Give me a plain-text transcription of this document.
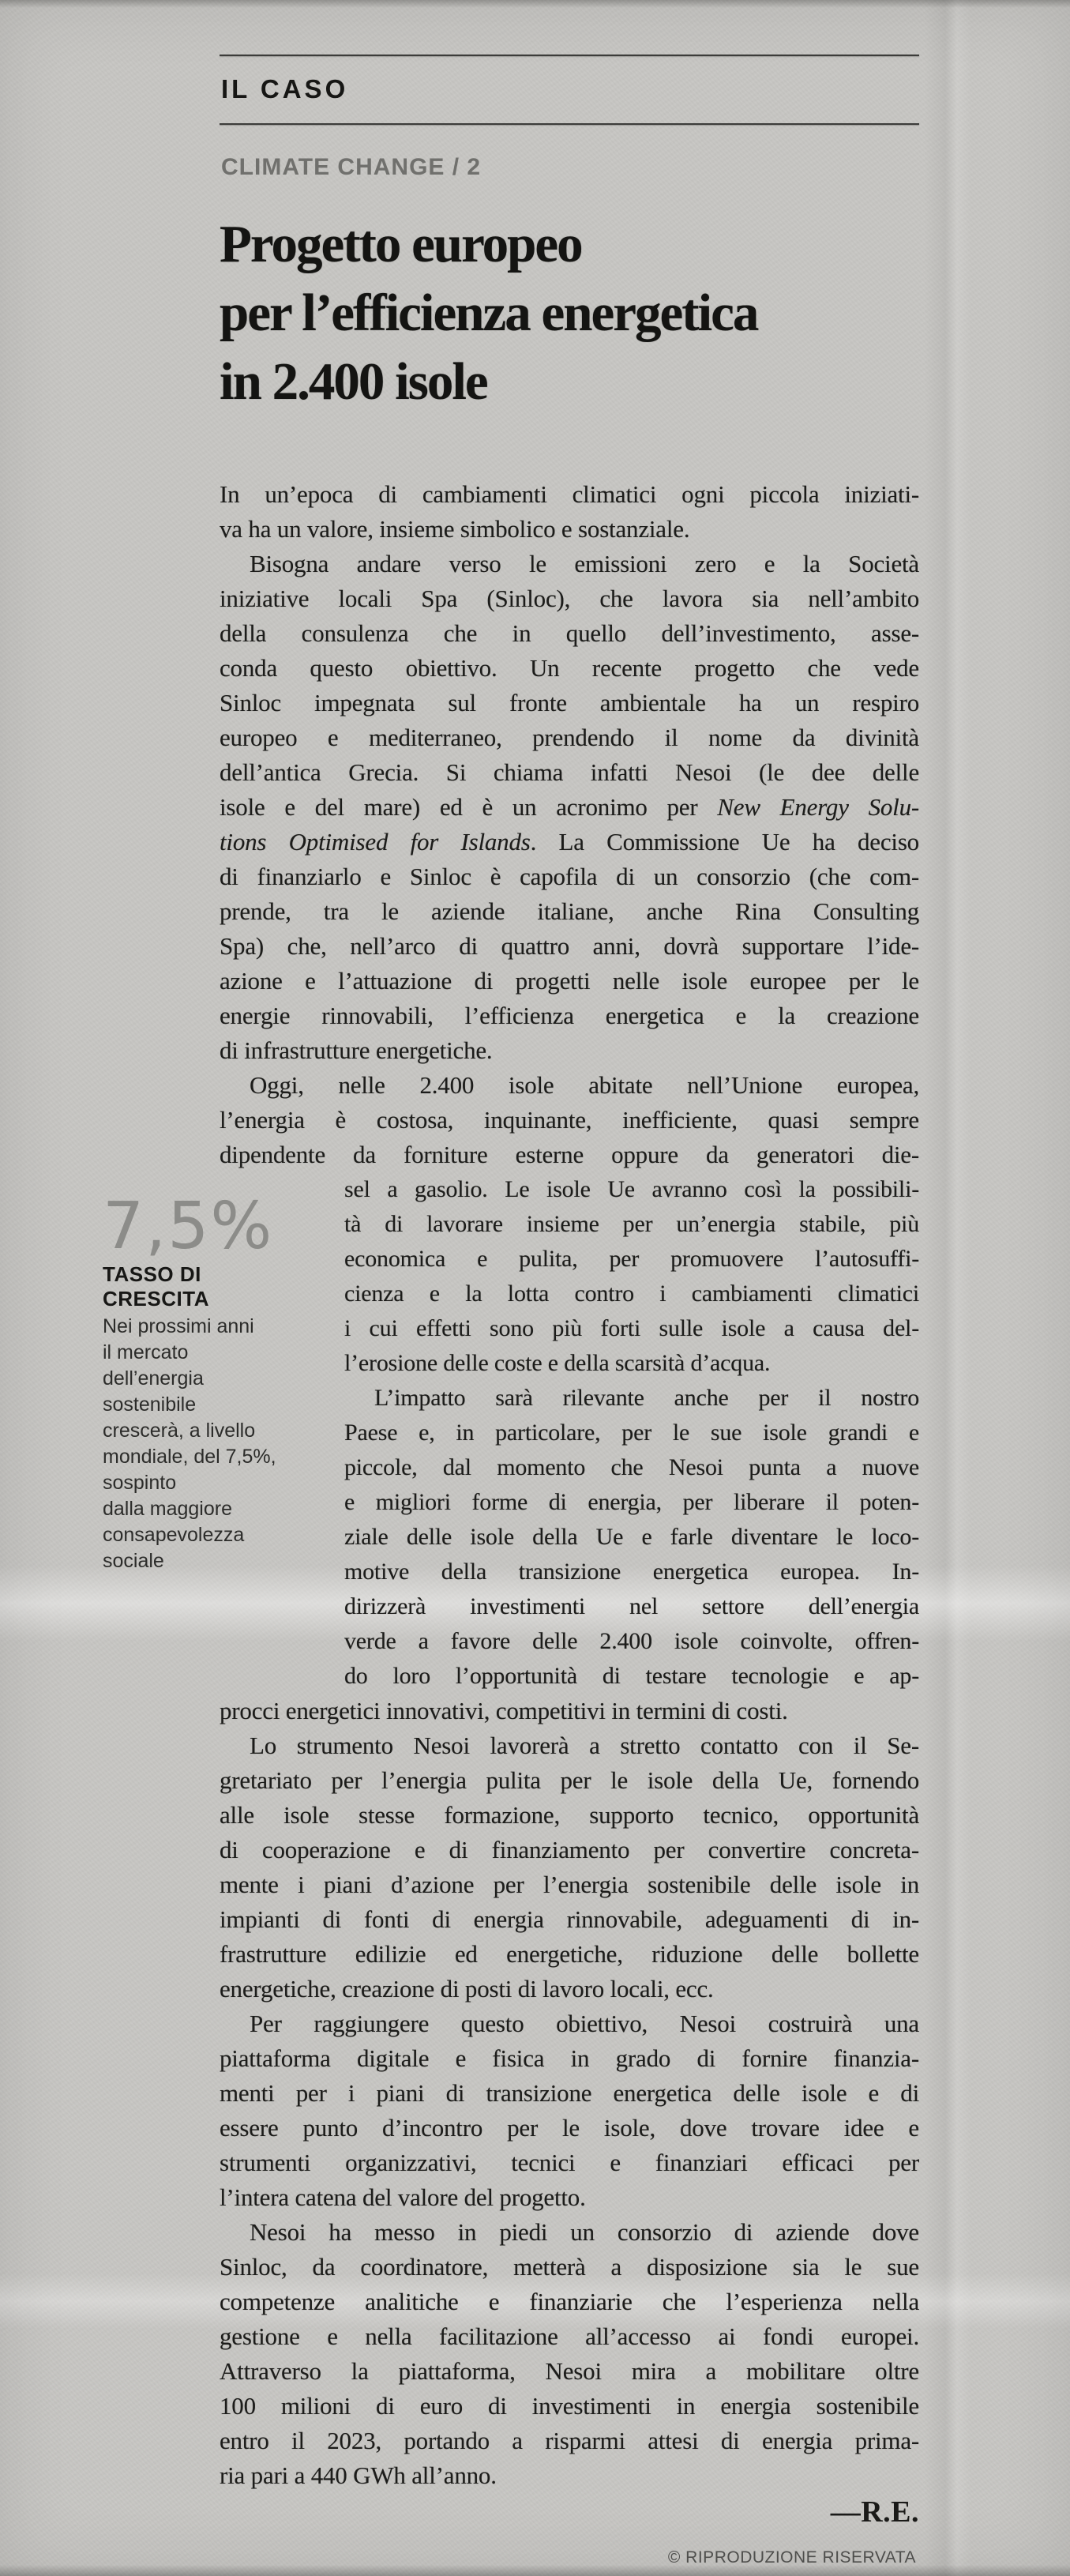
IL CASO
CLIMATE CHANGE / 2
Progetto europeo
per l’efficienza energetica
in 2.400 isole
In un’epoca di cambiamenti climatici ogni piccola iniziati-
va ha un valore, insieme simbolico e sostanziale.
Bisogna andare verso le emissioni zero e la Società
iniziative locali Spa (Sinloc), che lavora sia nell’ambito
della consulenza che in quello dell’investimento, asse-
conda questo obiettivo. Un recente progetto che vede
Sinloc impegnata sul fronte ambientale ha un respiro
europeo e mediterraneo, prendendo il nome da divinità
dell’antica Grecia. Si chiama infatti Nesoi (le dee delle
isole e del mare) ed è un acronimo per New Energy Solu-
tions Optimised for Islands. La Commissione Ue ha deciso
di finanziarlo e Sinloc è capofila di un consorzio (che com-
prende, tra le aziende italiane, anche Rina Consulting
Spa) che, nell’arco di quattro anni, dovrà supportare l’ide-
azione e l’attuazione di progetti nelle isole europee per le
energie rinnovabili, l’efficienza energetica e la creazione
di infrastrutture energetiche.
Oggi, nelle 2.400 isole abitate nell’Unione europea,
l’energia è costosa, inquinante, inefficiente, quasi sempre
dipendente da forniture esterne oppure da generatori die-
7,5%
TASSO DI
CRESCITA
Nei prossimi anni
il mercato
dell’energia
sostenibile
crescerà, a livello
mondiale, del 7,5%,
sospinto
dalla maggiore
consapevolezza
sociale
sel a gasolio. Le isole Ue avranno così la possibili-
tà di lavorare insieme per un’energia stabile, più
economica e pulita, per promuovere l’autosuffi-
cienza e la lotta contro i cambiamenti climatici
i cui effetti sono più forti sulle isole a causa del-
l’erosione delle coste e della scarsità d’acqua.
L’impatto sarà rilevante anche per il nostro
Paese e, in particolare, per le sue isole grandi e
piccole, dal momento che Nesoi punta a nuove
e migliori forme di energia, per liberare il poten-
ziale delle isole della Ue e farle diventare le loco-
motive della transizione energetica europea. In-
dirizzerà investimenti nel settore dell’energia
verde a favore delle 2.400 isole coinvolte, offren-
do loro l’opportunità di testare tecnologie e ap-
procci energetici innovativi, competitivi in termini di costi.
Lo strumento Nesoi lavorerà a stretto contatto con il Se-
gretariato per l’energia pulita per le isole della Ue, fornendo
alle isole stesse formazione, supporto tecnico, opportunità
di cooperazione e di finanziamento per convertire concreta-
mente i piani d’azione per l’energia sostenibile delle isole in
impianti di fonti di energia rinnovabile, adeguamenti di in-
frastrutture edilizie ed energetiche, riduzione delle bollette
energetiche, creazione di posti di lavoro locali, ecc.
Per raggiungere questo obiettivo, Nesoi costruirà una
piattaforma digitale e fisica in grado di fornire finanzia-
menti per i piani di transizione energetica delle isole e di
essere punto d’incontro per le isole, dove trovare idee e
strumenti organizzativi, tecnici e finanziari efficaci per
l’intera catena del valore del progetto.
Nesoi ha messo in piedi un consorzio di aziende dove
Sinloc, da coordinatore, metterà a disposizione sia le sue
competenze analitiche e finanziarie che l’esperienza nella
gestione e nella facilitazione all’accesso ai fondi europei.
Attraverso la piattaforma, Nesoi mira a mobilitare oltre
100 milioni di euro di investimenti in energia sostenibile
entro il 2023, portando a risparmi attesi di energia prima-
ria pari a 440 GWh all’anno.
—R.E.
© RIPRODUZIONE RISERVATA
